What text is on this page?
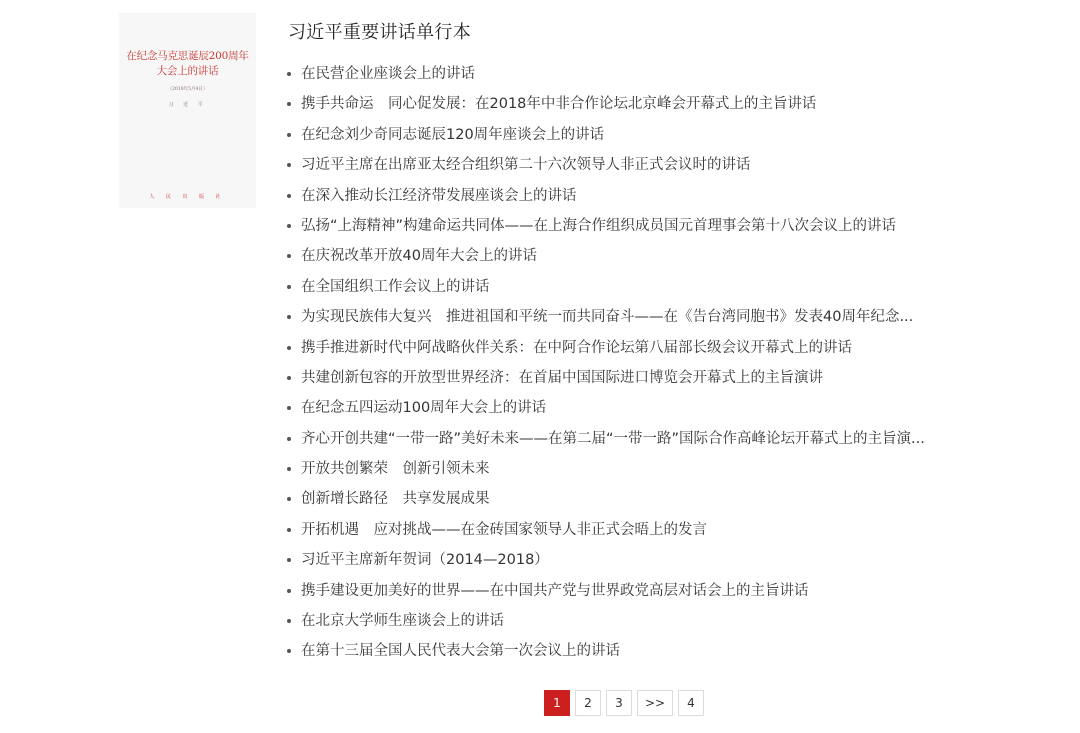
在纪念马克思诞辰200周年
大会上的讲话
（2018年5月4日）
习 近 平
人 民 出 版 社
习近平重要讲话单行本
在民营企业座谈会上的讲话
携手共命运　同心促发展：在2018年中非合作论坛北京峰会开幕式上的主旨讲话
在纪念刘少奇同志诞辰120周年座谈会上的讲话
习近平主席在出席亚太经合组织第二十六次领导人非正式会议时的讲话
在深入推动长江经济带发展座谈会上的讲话
弘扬“上海精神”构建命运共同体——在上海合作组织成员国元首理事会第十八次会议上的讲话
在庆祝改革开放40周年大会上的讲话
在全国组织工作会议上的讲话
为实现民族伟大复兴　推进祖国和平统一而共同奋斗——在《告台湾同胞书》发表40周年纪念...
携手推进新时代中阿战略伙伴关系：在中阿合作论坛第八届部长级会议开幕式上的讲话
共建创新包容的开放型世界经济：在首届中国国际进口博览会开幕式上的主旨演讲
在纪念五四运动100周年大会上的讲话
齐心开创共建“一带一路”美好未来——在第二届“一带一路”国际合作高峰论坛开幕式上的主旨演...
开放共创繁荣　创新引领未来
创新增长路径　共享发展成果
开拓机遇　应对挑战——在金砖国家领导人非正式会晤上的发言
习近平主席新年贺词（2014—2018）
携手建设更加美好的世界——在中国共产党与世界政党高层对话会上的主旨讲话
在北京大学师生座谈会上的讲话
在第十三届全国人民代表大会第一次会议上的讲话
1	2	3	>>	4
